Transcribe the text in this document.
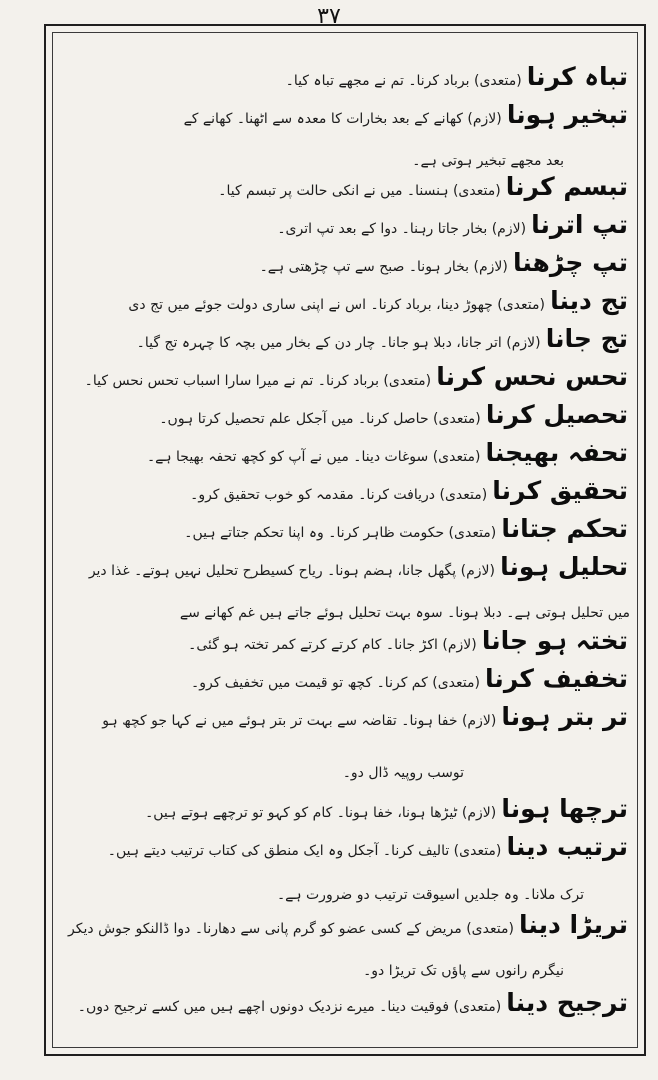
۳۷
تباہ کرنا (متعدی) برباد کرنا۔ تم نے مجھے تباہ کیا۔
تبخیر ہونا (لازم) کھانے کے بعد بخارات کا معدہ سے اٹھنا۔ کھانے کے
بعد مجھے تبخیر ہوتی ہے۔
تبسم کرنا (متعدی) ہنسنا۔ میں نے انکی حالت پر تبسم کیا۔
تپ اترنا (لازم) بخار جاتا رہنا۔ دوا کے بعد تپ اتری۔
تپ چڑھنا (لازم) بخار ہونا۔ صبح سے تپ چڑھتی ہے۔
تج دینا (متعدی) چھوڑ دینا، برباد کرنا۔ اس نے اپنی ساری دولت جوئے میں تج دی
تج جانا (لازم) اتر جانا، دبلا ہو جانا۔ چار دن کے بخار میں بچہ کا چہرہ تج گیا۔
تحس نحس کرنا (متعدی) برباد کرنا۔ تم نے میرا سارا اسباب تحس نحس کیا۔
تحصیل کرنا (متعدی) حاصل کرنا۔ میں آجکل علم تحصیل کرتا ہوں۔
تحفہ بھیجنا (متعدی) سوغات دینا۔ میں نے آپ کو کچھ تحفہ بھیجا ہے۔
تحقیق کرنا (متعدی) دریافت کرنا۔ مقدمہ کو خوب تحقیق کرو۔
تحکم جتانا (متعدی) حکومت ظاہر کرنا۔ وہ اپنا تحکم جتاتے ہیں۔
تحلیل ہونا (لازم) پگھل جانا، ہضم ہونا۔ ریاح کسیطرح تحلیل نہیں ہوتے۔ غذا دیر
میں تحلیل ہوتی ہے۔ دبلا ہونا۔ سوہ بہت تحلیل ہوئے جاتے ہیں غم کھانے سے
تختہ ہو جانا (لازم) اکڑ جانا۔ کام کرتے کرتے کمر تختہ ہو گئی۔
تخفیف کرنا (متعدی) کم کرنا۔ کچھ تو قیمت میں تخفیف کرو۔
تر بتر ہونا (لازم) خفا ہونا۔ تقاضہ سے بہت تر بتر ہوئے میں نے کہا جو کچھ ہو
توسب روپیہ ڈال دو۔
ترچھا ہونا (لازم) ٹیڑھا ہونا، خفا ہونا۔ کام کو کہو تو ترچھے ہوتے ہیں۔
ترتیب دینا (متعدی) تالیف کرنا۔ آجکل وہ ایک منطق کی کتاب ترتیب دیتے ہیں۔
ترک ملانا۔ وہ جلدیں اسیوقت ترتیب دو ضرورت ہے۔
تریڑا دینا (متعدی) مریض کے کسی عضو کو گرم پانی سے دھارنا۔ دوا ڈالنکو جوش دیکر
نیگرم رانوں سے پاؤں تک تریڑا دو۔
ترجیح دینا (متعدی) فوقیت دینا۔ میرے نزدیک دونوں اچھے ہیں میں کسے ترجیح دوں۔
